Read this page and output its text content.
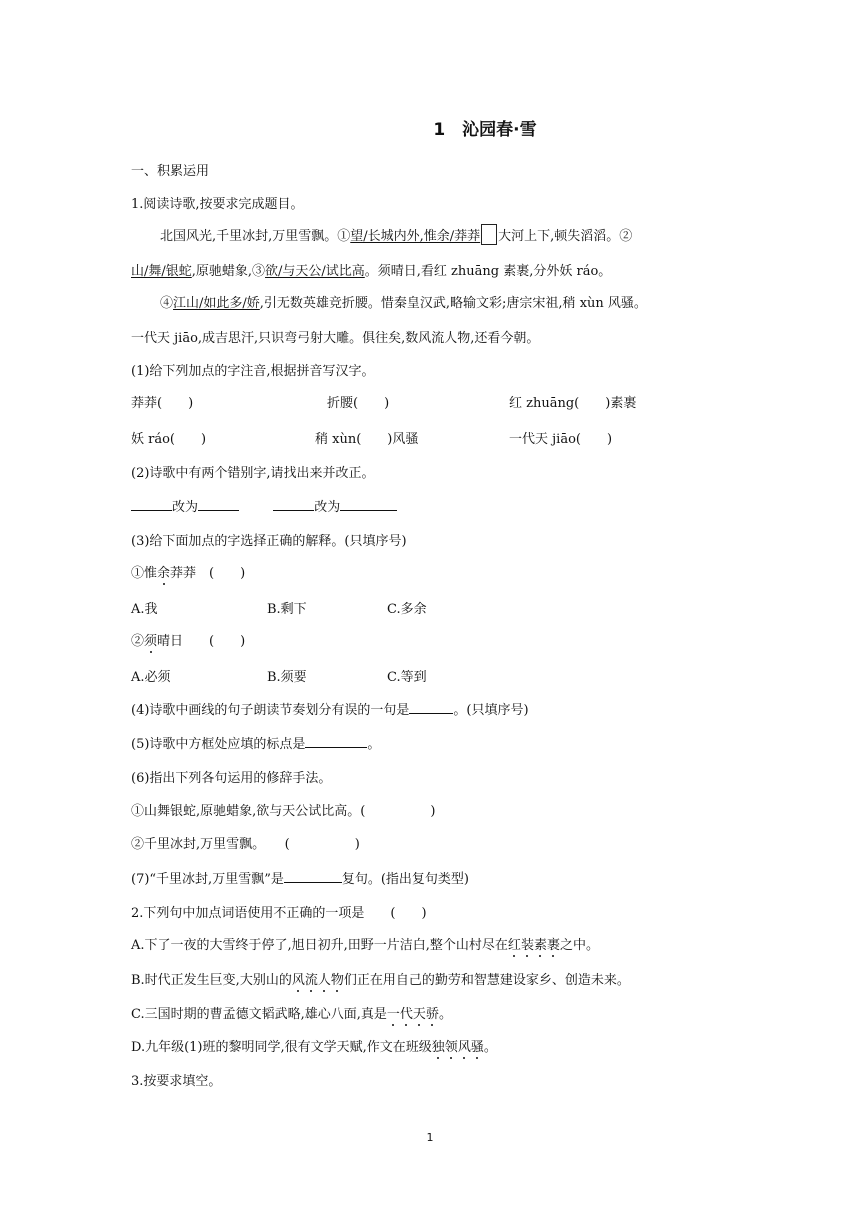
1　沁园春·雪
一、积累运用
1.阅读诗歌,按要求完成题目。
北国风光,千里冰封,万里雪飘。①望/长城内外,惟余/莽莽 大河上下,顿失滔滔。②
山/舞/银蛇,原驰蜡象,③欲/与天公/试比高。须晴日,看红 zhuāng 素裹,分外妖 ráo。
④江山/如此多/娇,引无数英雄竞折腰。惜秦皇汉武,略输文彩;唐宗宋祖,稍 xùn 风骚。
一代天 jiāo,成吉思汗,只识弯弓射大雕。俱往矣,数风流人物,还看今朝。
(1)给下列加点的字注音,根据拼音写汉字。
莽莽(　　)	折腰(　　)	红 zhuāng(　　)素裹
妖 ráo(　　)	稍 xùn(　　)风骚	一代天 jiāo(　　)
(2)诗歌中有两个错别字,请找出来并改正。
改为	改为
(3)给下面加点的字选择正确的解释。(只填序号)
①惟余莽莽　(　　)
A.我	B.剩下	C.多余
②须晴日　　(　　)
A.必须	B.须要	C.等到
(4)诗歌中画线的句子朗读节奏划分有误的一句是	。(只填序号)
(5)诗歌中方框处应填的标点是	。
(6)指出下列各句运用的修辞手法。
①山舞银蛇,原驰蜡象,欲与天公试比高。(　　　　　)
②千里冰封,万里雪飘。　　(　　　　　)
(7)“千里冰封,万里雪飘”是	复句。(指出复句类型)
2.下列句中加点词语使用不正确的一项是　　(　　)
A.下了一夜的大雪终于停了,旭日初升,田野一片洁白,整个山村尽在红装素裹之中。
B.时代正发生巨变,大别山的风流人物们正在用自己的勤劳和智慧建设家乡、创造未来。
C.三国时期的曹孟德文韬武略,雄心八面,真是一代天骄。
D.九年级(1)班的黎明同学,很有文学天赋,作文在班级独领风骚。
3.按要求填空。
1
